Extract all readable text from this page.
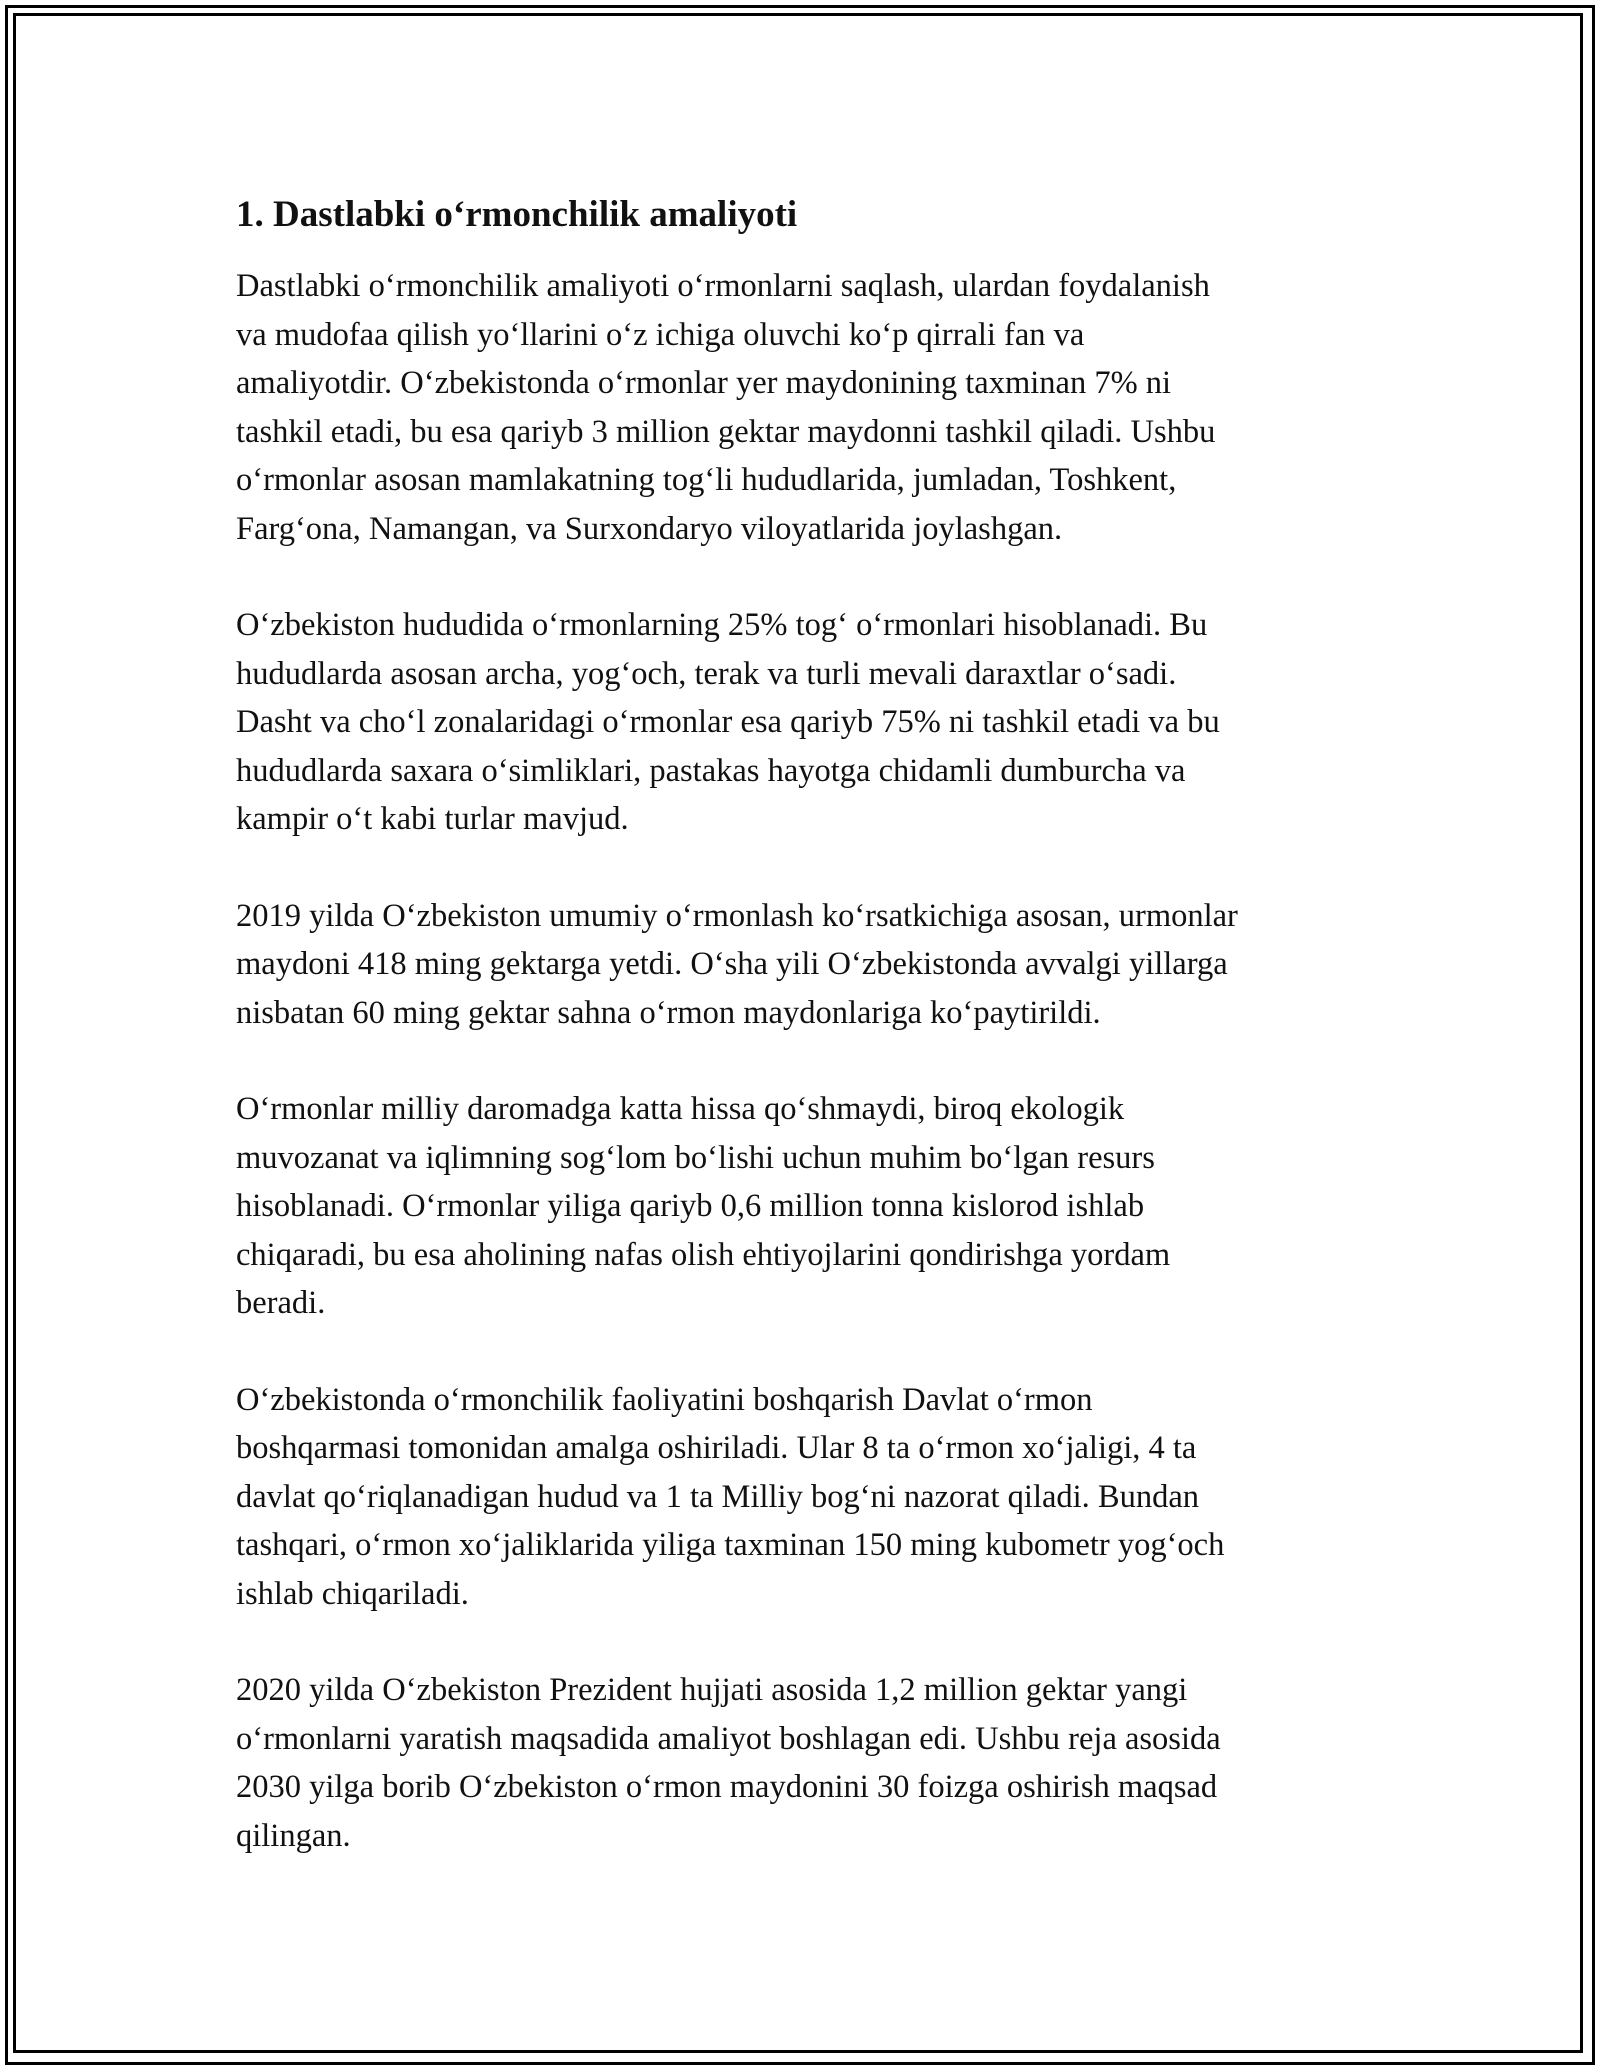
1. Dastlabki o‘rmonchilik amaliyoti

Dastlabki o‘rmonchilik amaliyoti o‘rmonlarni saqlash, ulardan foydalanish
va mudofaa qilish yo‘llarini o‘z ichiga oluvchi ko‘p qirrali fan va
amaliyotdir. O‘zbekistonda o‘rmonlar yer maydonining taxminan 7% ni
tashkil etadi, bu esa qariyb 3 million gektar maydonni tashkil qiladi. Ushbu
o‘rmonlar asosan mamlakatning tog‘li hududlarida, jumladan, Toshkent,
Farg‘ona, Namangan, va Surxondaryo viloyatlarida joylashgan.

O‘zbekiston hududida o‘rmonlarning 25% tog‘ o‘rmonlari hisoblanadi. Bu
hududlarda asosan archa, yog‘och, terak va turli mevali daraxtlar o‘sadi.
Dasht va cho‘l zonalaridagi o‘rmonlar esa qariyb 75% ni tashkil etadi va bu
hududlarda saxara o‘simliklari, pastakas hayotga chidamli dumburcha va
kampir o‘t kabi turlar mavjud.

2019 yilda O‘zbekiston umumiy o‘rmonlash ko‘rsatkichiga asosan, urmonlar
maydoni 418 ming gektarga yetdi. O‘sha yili O‘zbekistonda avvalgi yillarga
nisbatan 60 ming gektar sahna o‘rmon maydonlariga ko‘paytirildi.

O‘rmonlar milliy daromadga katta hissa qo‘shmaydi, biroq ekologik
muvozanat va iqlimning sog‘lom bo‘lishi uchun muhim bo‘lgan resurs
hisoblanadi. O‘rmonlar yiliga qariyb 0,6 million tonna kislorod ishlab
chiqaradi, bu esa aholining nafas olish ehtiyojlarini qondirishga yordam
beradi.

O‘zbekistonda o‘rmonchilik faoliyatini boshqarish Davlat o‘rmon
boshqarmasi tomonidan amalga oshiriladi. Ular 8 ta o‘rmon xo‘jaligi, 4 ta
davlat qo‘riqlanadigan hudud va 1 ta Milliy bog‘ni nazorat qiladi. Bundan
tashqari, o‘rmon xo‘jaliklarida yiliga taxminan 150 ming kubometr yog‘och
ishlab chiqariladi.

2020 yilda O‘zbekiston Prezident hujjati asosida 1,2 million gektar yangi
o‘rmonlarni yaratish maqsadida amaliyot boshlagan edi. Ushbu reja asosida
2030 yilga borib O‘zbekiston o‘rmon maydonini 30 foizga oshirish maqsad
qilingan.
